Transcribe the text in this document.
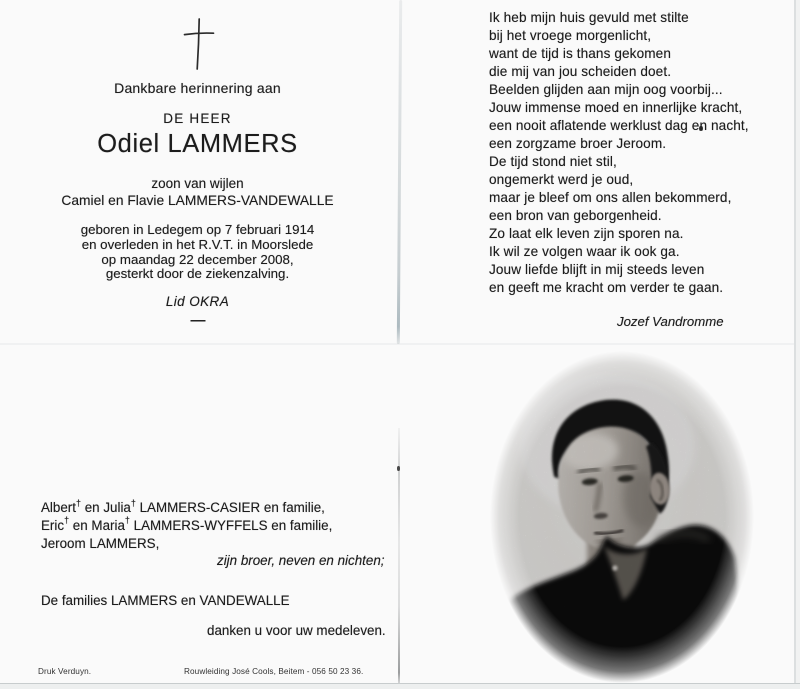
Dankbare herinnering aan
DE HEER
Odiel LAMMERS
zoon van wijlen
Camiel en Flavie LAMMERS-VANDEWALLE
geboren in Ledegem op 7 februari 1914
en overleden in het R.V.T. in Moorslede
op maandag 22 december 2008,
gesterkt door de ziekenzalving.
Lid OKRA
—
Ik heb mijn huis gevuld met stilte
bij het vroege morgenlicht,
want de tijd is thans gekomen
die mij van jou scheiden doet.
Beelden glijden aan mijn oog voorbij...
Jouw immense moed en innerlijke kracht,
een nooit aflatende werklust dag en nacht,
een zorgzame broer Jeroom.
De tijd stond niet stil,
ongemerkt werd je oud,
maar je bleef om ons allen bekommerd,
een bron van geborgenheid.
Zo laat elk leven zijn sporen na.
Ik wil ze volgen waar ik ook ga.
Jouw liefde blijft in mij steeds leven
en geeft me kracht om verder te gaan.
Jozef Vandromme
Albert† en Julia† LAMMERS-CASIER en familie,
Eric† en Maria† LAMMERS-WYFFELS en familie,
Jeroom LAMMERS,
zijn broer, neven en nichten;
De families LAMMERS en VANDEWALLE
danken u voor uw medeleven.
Druk Verduyn.	Rouwleiding José Cools, Beitem - 056 50 23 36.
